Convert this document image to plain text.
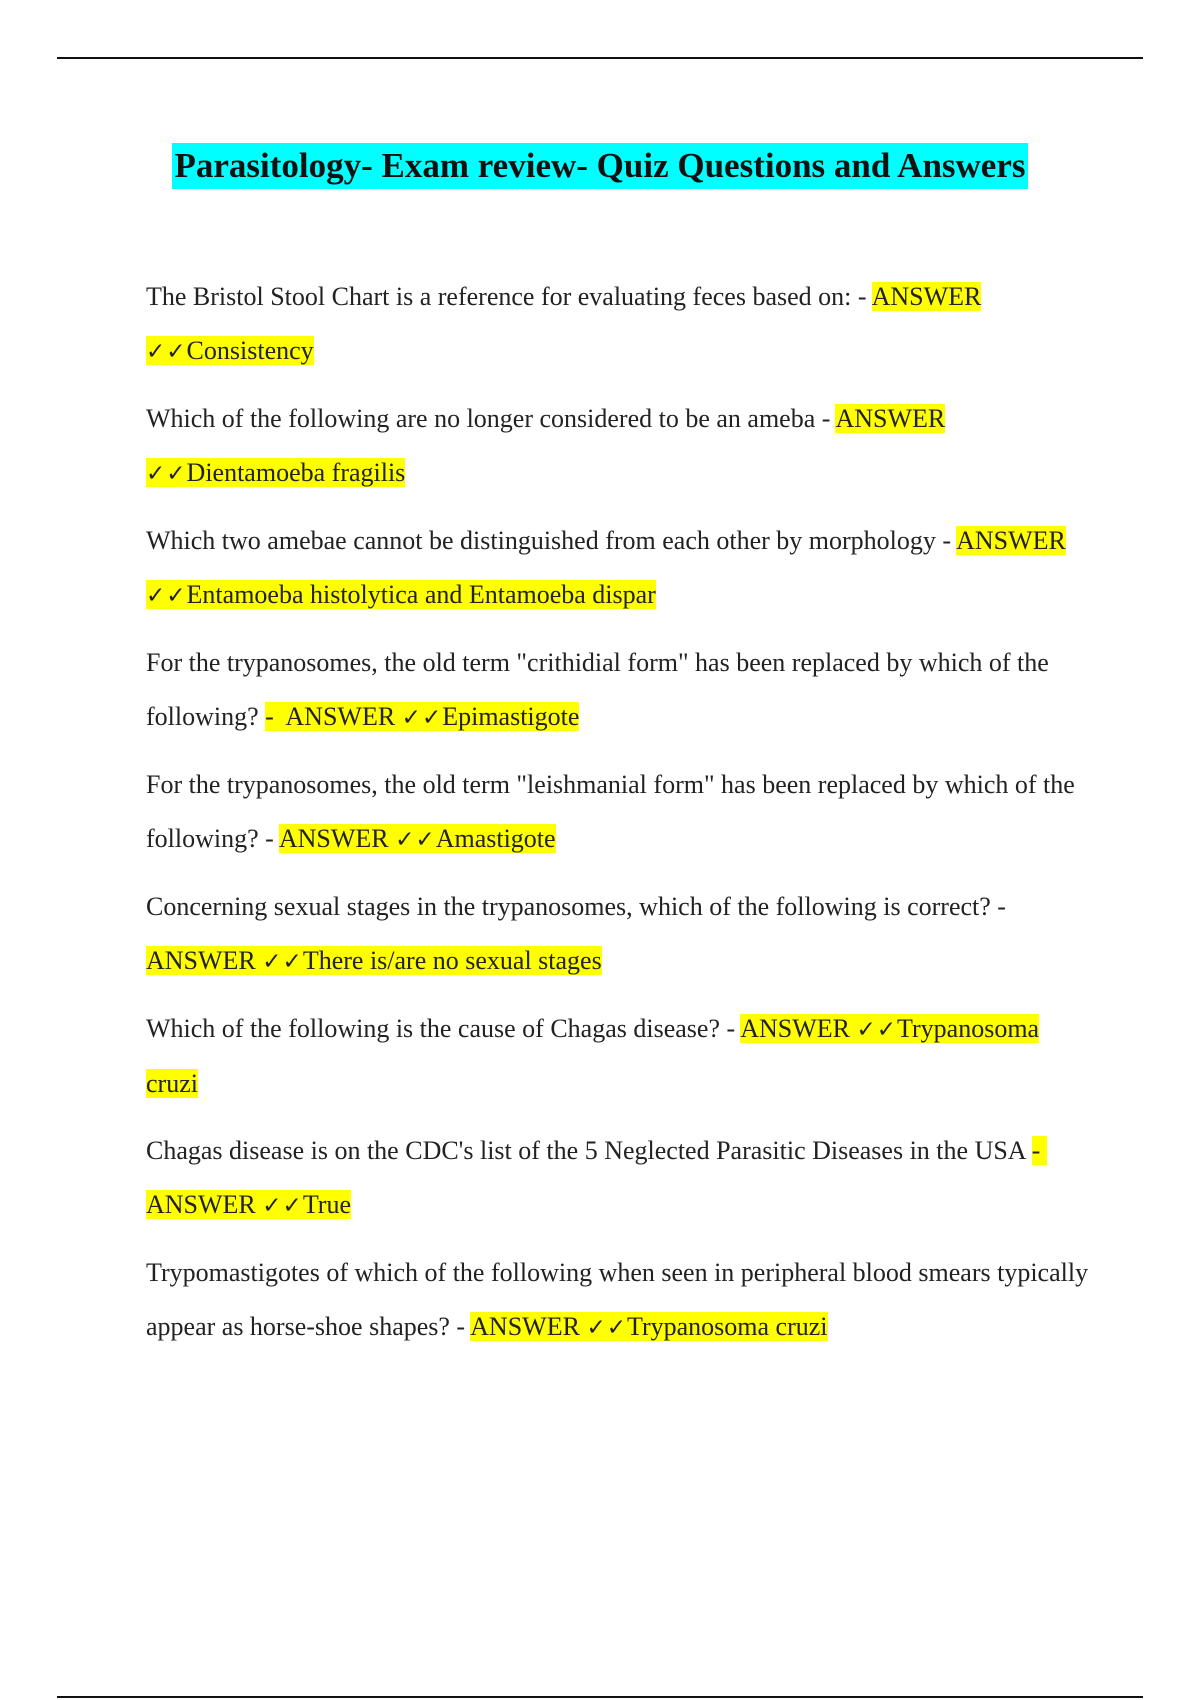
Parasitology- Exam review- Quiz Questions and Answers

The Bristol Stool Chart is a reference for evaluating feces based on: - ANSWER ✓✓Consistency

Which of the following are no longer considered to be an ameba - ANSWER ✓✓Dientamoeba fragilis

Which two amebae cannot be distinguished from each other by morphology - ANSWER ✓✓Entamoeba histolytica and Entamoeba dispar

For the trypanosomes, the old term "crithidial form" has been replaced by which of the following? -  ANSWER ✓✓Epimastigote

For the trypanosomes, the old term "leishmanial form" has been replaced by which of the following? - ANSWER ✓✓Amastigote

Concerning sexual stages in the trypanosomes, which of the following is correct? - ANSWER ✓✓There is/are no sexual stages

Which of the following is the cause of Chagas disease? - ANSWER ✓✓Trypanosoma cruzi

Chagas disease is on the CDC's list of the 5 Neglected Parasitic Diseases in the USA -  ANSWER ✓✓True

Trypomastigotes of which of the following when seen in peripheral blood smears typically appear as horse-shoe shapes? - ANSWER ✓✓Trypanosoma cruzi
